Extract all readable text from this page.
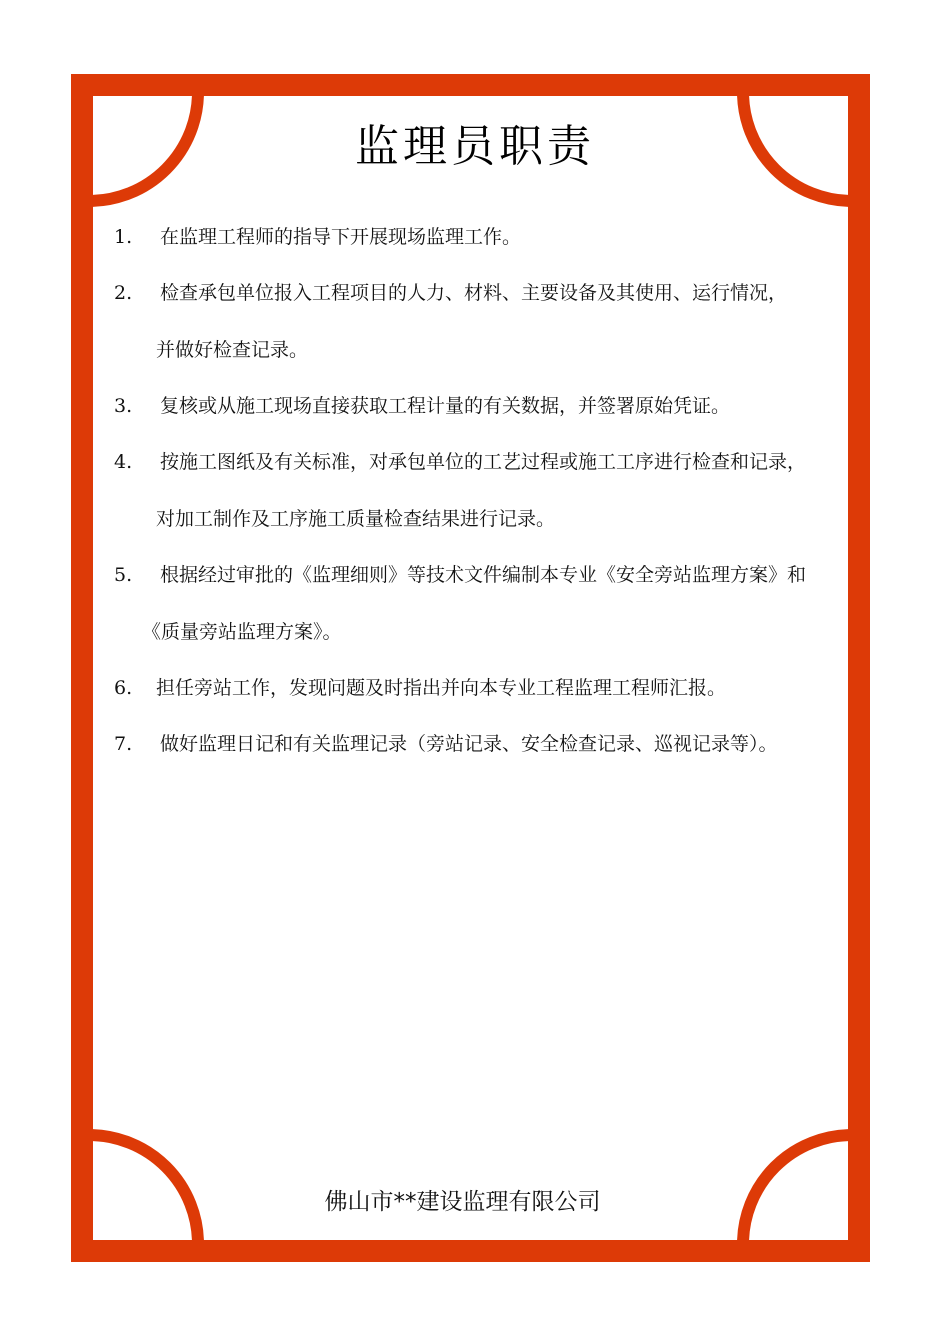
监理员职责
1. 在监理工程师的指导下开展现场监理工作。
2. 检查承包单位报入工程项目的人力、材料、主要设备及其使用、运行情况，
并做好检查记录。
3. 复核或从施工现场直接获取工程计量的有关数据，并签署原始凭证。
4. 按施工图纸及有关标准，对承包单位的工艺过程或施工工序进行检查和记录，
对加工制作及工序施工质量检查结果进行记录。
5. 根据经过审批的《监理细则》等技术文件编制本专业《安全旁站监理方案》和
《质量旁站监理方案》。
6. 担任旁站工作，发现问题及时指出并向本专业工程监理工程师汇报。
7. 做好监理日记和有关监理记录（旁站记录、安全检查记录、巡视记录等）。
佛山市**建设监理有限公司
